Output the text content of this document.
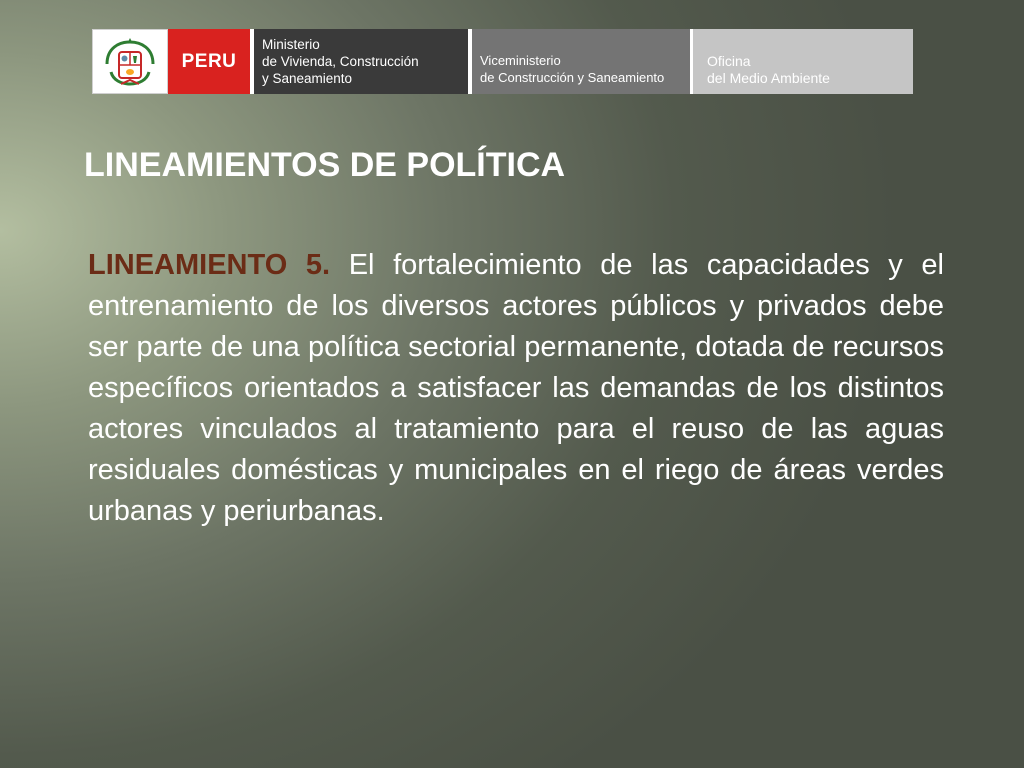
PERU
Ministerio
de Vivienda, Construcción
y Saneamiento
Viceministerio
de Construcción y Saneamiento
Oficina
del Medio Ambiente
LINEAMIENTOS DE POLÍTICA

LINEAMIENTO 5. El fortalecimiento de las capacidades y el entrenamiento de los diversos actores públicos y privados debe ser parte de una política sectorial permanente, dotada de recursos específicos orientados a satisfacer las demandas de los distintos actores vinculados al tratamiento para el reuso de las aguas residuales domésticas y municipales en el riego de áreas verdes urbanas y periurbanas.
